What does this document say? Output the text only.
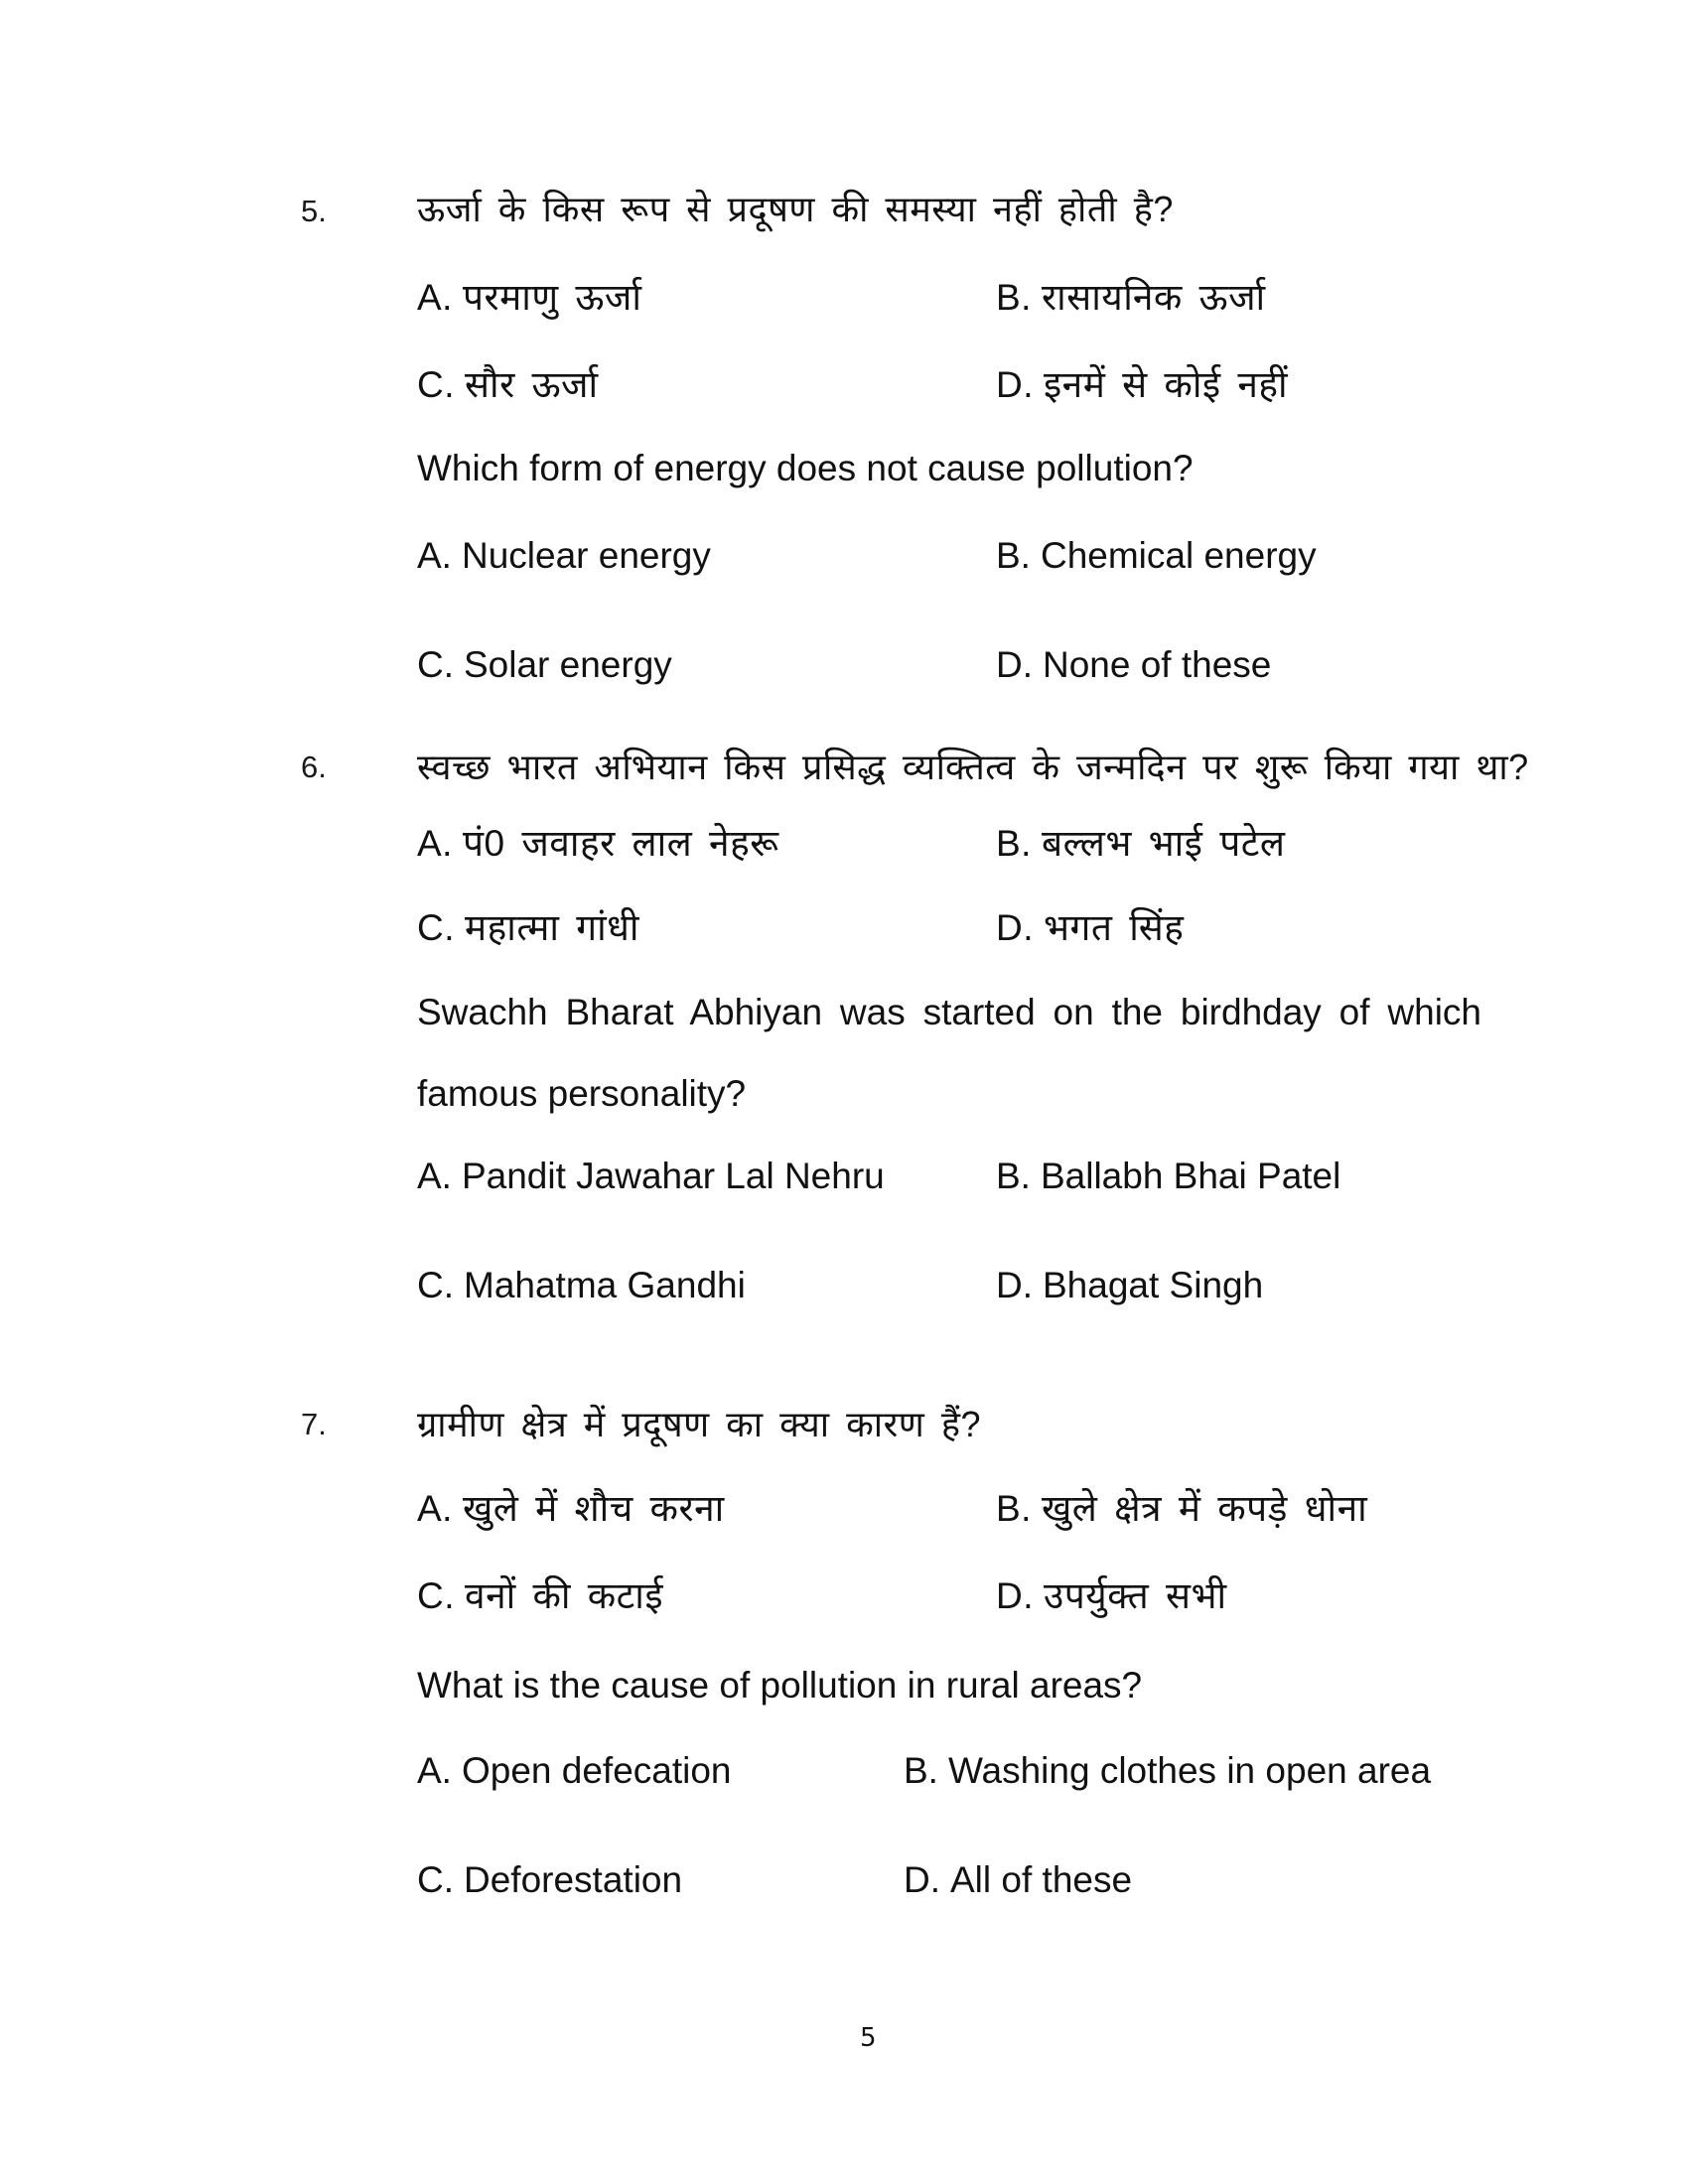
5.	ऊर्जा के किस रूप से प्रदूषण की समस्या नहीं होती है?
A. परमाणु ऊर्जा	B. रासायनिक ऊर्जा
C. सौर ऊर्जा	D. इनमें से कोई नहीं
Which form of energy does not cause pollution?
A. Nuclear energy	B. Chemical energy
C. Solar energy	D. None of these
6.	स्वच्छ भारत अभियान किस प्रसिद्ध व्यक्तित्व के जन्मदिन पर शुरू किया गया था?
A. पं0 जवाहर लाल नेहरू	B. बल्लभ भाई पटेल
C. महात्मा गांधी	D. भगत सिंह
Swachh Bharat Abhiyan was started on the birdhday of which
famous personality?
A. Pandit Jawahar Lal Nehru	B. Ballabh Bhai Patel
C. Mahatma Gandhi	D. Bhagat Singh
7.	ग्रामीण क्षेत्र में प्रदूषण का क्या कारण हैं?
A. खुले में शौच करना	B. खुले क्षेत्र में कपड़े धोना
C. वनों की कटाई	D. उपर्युक्त सभी
What is the cause of pollution in rural areas?
A. Open defecation	B. Washing clothes in open area
C. Deforestation	D. All of these
5
